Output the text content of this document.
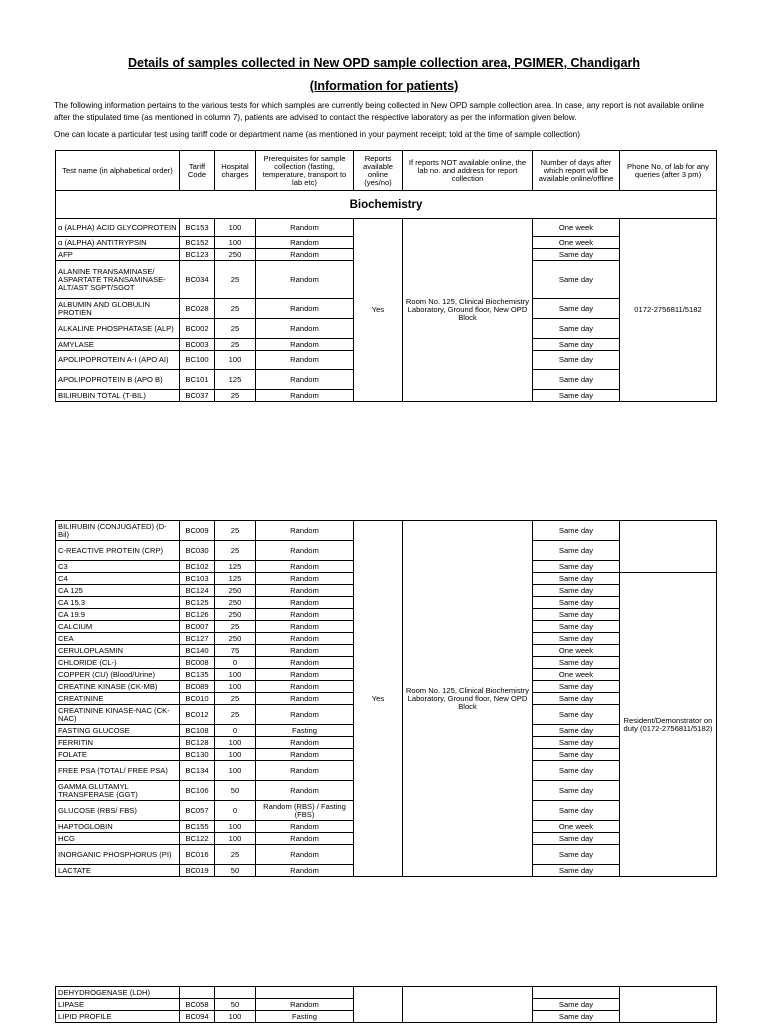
Details of samples collected in New OPD sample collection area, PGIMER, Chandigarh
(Information for patients)
The following information pertains to the various tests for which samples are currently being collected in New OPD sample collection area. In case, any report is not available online after the stipulated time (as mentioned in column 7), patients are advised to contact the respective laboratory as per the information given below.
One can locate a particular test using tariff code or department name (as mentioned in your payment receipt; told at the time of sample collection)
Test name (in alphabetical order)	Tariff Code	Hospital charges	Prerequisites for sample collection (fasting, temperature, transport to lab etc)	Reports available online (yes/no)	If reports NOT available online, the lab no. and address for report collection	Number of days after which report will be available online/offline	Phone No. of lab for any queries (after 3 pm)
Biochemistry							
α (ALPHA) ACID GLYCOPROTEIN	BC153	100	Random	Yes	Room No. 125, Clinical Biochemistry Laboratory, Ground floor, New OPD Block	One week	0172-2756811/5182
α (ALPHA) ANTITRYPSIN	BC152	100	Random			One week	
AFP	BC123	250	Random			Same day	
ALANINE TRANSAMINASE/ ASPARTATE TRANSAMINASE-ALT/AST SGPT/SGOT	BC034	25	Random			Same day	
ALBUMIN AND GLOBULIN PROTIEN	BC028	25	Random			Same day	
ALKALINE PHOSPHATASE (ALP)	BC002	25	Random			Same day	
AMYLASE	BC003	25	Random			Same day	
APOLIPOPROTEIN A-I (APO AI)	BC100	100	Random			Same day	
APOLIPOPROTEIN B (APO B)	BC101	125	Random			Same day	
BILIRUBIN TOTAL (T-BIL)	BC037	25	Random			Same day	
BILIRUBIN (CONJUGATED) (D-Bil)	BC009	25	Random	Yes	Room No. 125, Clinical Biochemistry Laboratory, Ground floor, New OPD Block	Same day	
C-REACTIVE PROTEIN (CRP)	BC030	25	Random			Same day	
C3	BC102	125	Random			Same day	
C4	BC103	125	Random			Same day	Resident/Demonstrator on duty (0172-2756811/5182)
CA 125	BC124	250	Random			Same day	
CA 15.3	BC125	250	Random			Same day	
CA 19.9	BC126	250	Random			Same day	
CALCIUM	BC007	25	Random			Same day	
CEA	BC127	250	Random			Same day	
CERULOPLASMIN	BC140	75	Random			One week	
CHLORIDE (CL-)	BC008	0	Random			Same day	
COPPER (CU) (Blood/Urine)	BC135	100	Random			One week	
CREATINE KINASE (CK-MB)	BC089	100	Random			Same day	
CREATININE	BC010	25	Random			Same day	
CREATININE KINASE-NAC (CK-NAC)	BC012	25	Random			Same day	
FASTING GLUCOSE	BC108	0	Fasting			Same day	
FERRITIN	BC128	100	Random			Same day	
FOLATE	BC130	100	Random			Same day	
FREE PSA (TOTAL/ FREE PSA)	BC134	100	Random			Same day	
GAMMA GLUTAMYL TRANSFERASE (GGT)	BC106	50	Random			Same day	
GLUCOSE (RBS/ FBS)	BC057	0	Random (RBS) / Fasting (FBS)			Same day	
HAPTOGLOBIN	BC155	100	Random			One week	
HCG	BC122	100	Random			Same day	
INORGANIC PHOSPHORUS (PI)	BC016	25	Random			Same day	
LACTATE	BC019	50	Random			Same day	
DEHYDROGENASE (LDH)							
LIPASE	BC058	50	Random			Same day	
LIPID PROFILE	BC094	100	Fasting			Same day	
